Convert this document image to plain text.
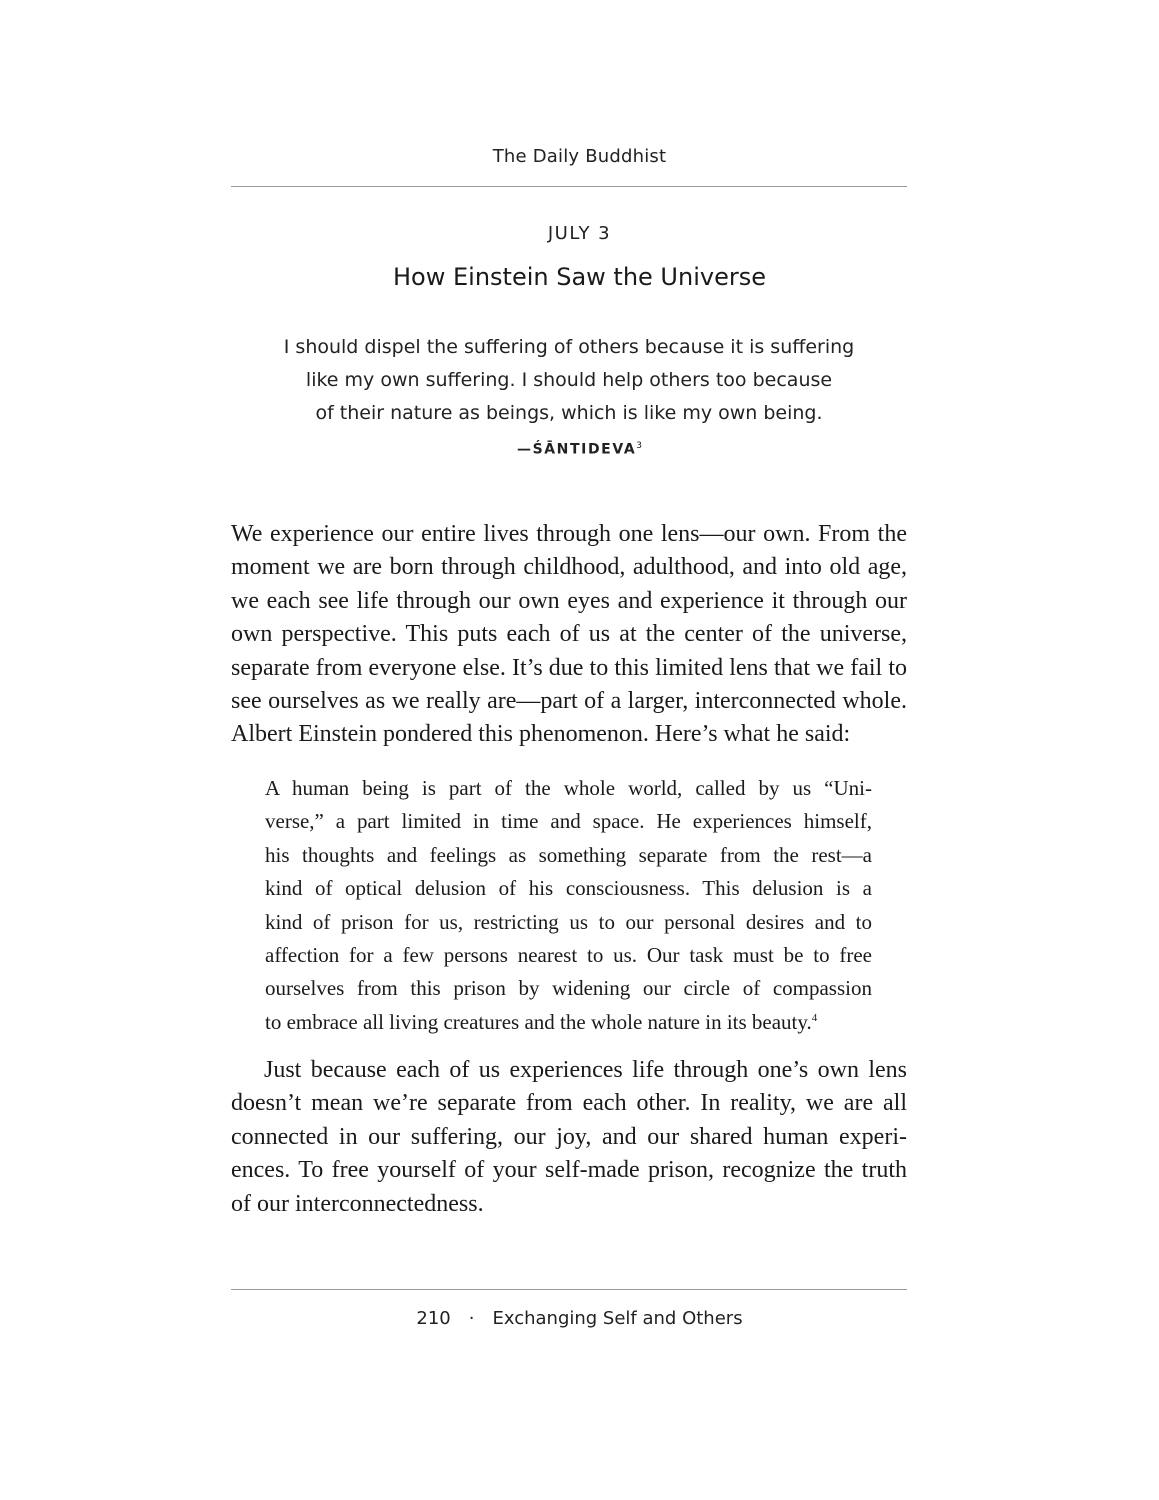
The Daily Buddhist
JULY 3
How Einstein Saw the Universe
I should dispel the suffering of others because it is suffering
like my own suffering. I should help others too because
of their nature as beings, which is like my own being.
—ŚĀNTIDEVA$^3$
We experience our entire lives through one lens—our own. From the
moment we are born through childhood, adulthood, and into old age,
we each see life through our own eyes and experience it through our
own perspective. This puts each of us at the center of the universe,
separate from everyone else. It’s due to this limited lens that we fail to
see ourselves as we really are—part of a larger, interconnected whole.
Albert Einstein pondered this phenomenon. Here’s what he said:
A human being is part of the whole world, called by us “Uni-
verse,” a part limited in time and space. He experiences himself,
his thoughts and feelings as something separate from the rest—a
kind of optical delusion of his consciousness. This delusion is a
kind of prison for us, restricting us to our personal desires and to
affection for a few persons nearest to us. Our task must be to free
ourselves from this prison by widening our circle of compassion
to embrace all living creatures and the whole nature in its beauty.$^4$
Just because each of us experiences life through one’s own lens
doesn’t mean we’re separate from each other. In reality, we are all
connected in our suffering, our joy, and our shared human experi-
ences. To free yourself of your self-made prison, recognize the truth
of our interconnectedness.
210 · Exchanging Self and Others
